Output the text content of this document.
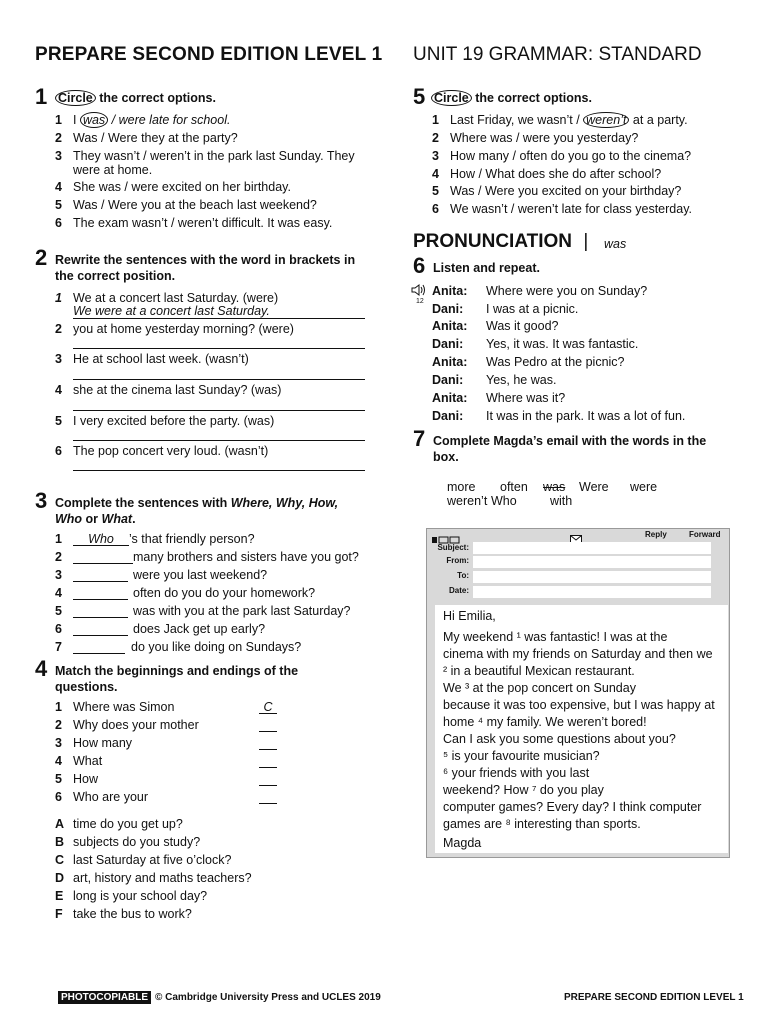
PREPARE SECOND EDITION LEVEL 1 UNIT 19 GRAMMAR: STANDARD
1 Circle the correct options.
1 I was / were late for school.
2 Was / Were they at the party?
3 They wasn’t / weren’t in the park last Sunday. They
were at home.
4 She was / were excited on her birthday.
5 Was / Were you at the beach last weekend?
6 The exam wasn’t / weren’t difficult. It was easy.
2 Rewrite the sentences with the word in brackets in
the correct position.
1 We at a concert last Saturday. (were)
We were at a concert last Saturday.
2 you at home yesterday morning? (were)
3 He at school last week. (wasn’t)
4 she at the cinema last Sunday? (was)
5 I very excited before the party. (was)
6 The pop concert very loud. (wasn’t)
3 Complete the sentences with Where, Why, How,
Who or What.
1	Who	’s that friendly person?
2	many brothers and sisters have you got?
3	were you last weekend?
4	often do you do your homework?
5	was with you at the park last Saturday?
6	does Jack get up early?
7	do you like doing on Sundays?
4 Match the beginnings and endings of the
questions.
1 Where was Simon	C
2 Why does your mother
3 How many
4 What
5 How
6 Who are your
A time do you get up?
B subjects do you study?
C last Saturday at five o’clock?
D art, history and maths teachers?
E long is your school day?
F take the bus to work?
5 Circle the correct options.
1 Last Friday, we wasn’t / weren’t at a party.
2 Where was / were you yesterday?
3 How many / often do you go to the cinema?
4 How / What does she do after school?
5 Was / Were you excited on your birthday?
6 We wasn’t / weren’t late for class yesterday.
PRONUNCIATION | was
6 Listen and repeat.
12
Anita: Where were you on Sunday?
Dani: I was at a picnic.
Anita: Was it good?
Dani: Yes, it was. It was fantastic.
Anita: Was Pedro at the picnic?
Dani: Yes, he was.
Anita: Where was it?
Dani: It was in the park. It was a lot of fun.
7 Complete Magda’s email with the words in the
box.
more often was Were were
weren’t Who	with
Reply	Forward
Subject:
From:
To:
Date:
Hi Emilia,
My weekend ¹ was fantastic! I was at the
cinema with my friends on Saturday and then we
² in a beautiful Mexican restaurant.
We ³ at the pop concert on Sunday
because it was too expensive, but I was happy at
home ⁴ my family. We weren’t bored!
Can I ask you some questions about you?
⁵ is your favourite musician?
⁶ your friends with you last
weekend? How ⁷ do you play
computer games? Every day? I think computer
games are ⁸ interesting than sports.
Magda
PHOTOCOPIABLE © Cambridge University Press and UCLES 2019	PREPARE SECOND EDITION LEVEL 1
